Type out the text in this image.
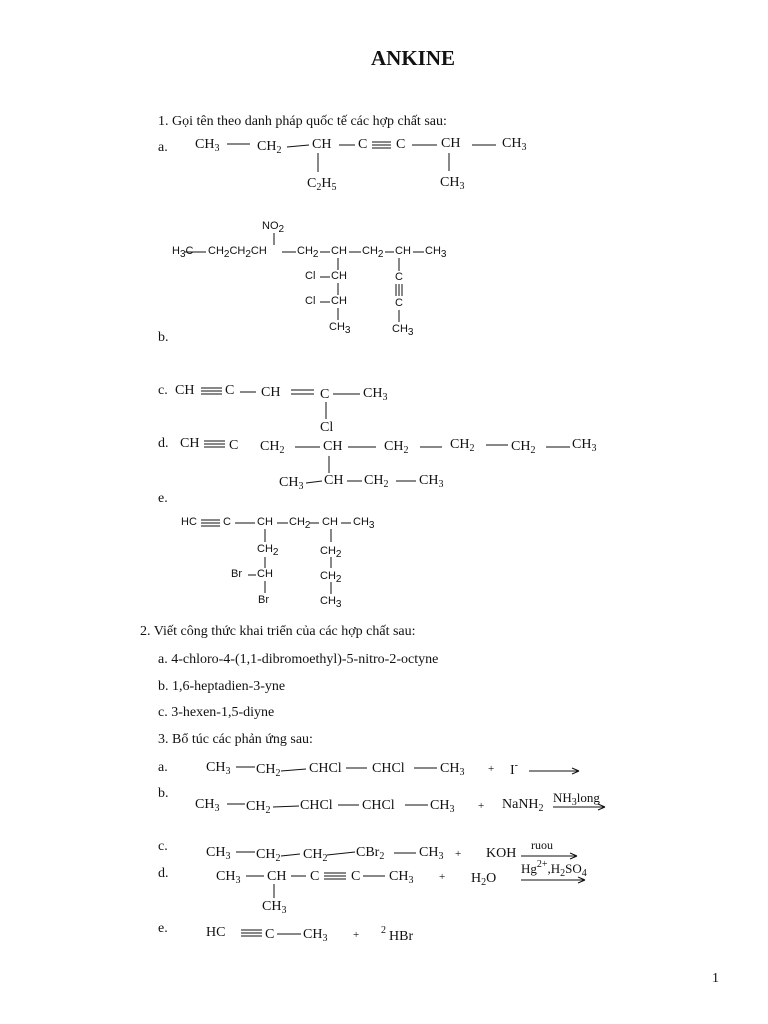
ANKINE
1. Gọi tên theo danh pháp quốc tế các hợp chất sau:
a. $CH_3$	$CH_2$ CH C C	CH	$CH_3$
$C_2H_5$	$CH_3$
NO2
H3C CH2CH2CH	CH2 CH CH2 CH CH3
Cl CH
Cl CH
CH3
C
C
CH3
b.
c. CH C CH	C $CH_3$
Cl
d. CH C $CH_2$	CH	$CH_2$	$CH_2$	$CH_2$	$CH_3$
$CH_3$ CH $CH_2$ $CH_3$
e.
HC C CH CH2 CH CH3
CH2
Br CH
Br
CH2
CH2
CH3
2. Viết công thức khai triển của các hợp chất sau:
a. 4-chloro-4-(1,1-dibromoethyl)-5-nitro-2-octyne
b. 1,6-heptadien-3-yne
c. 3-hexen-1,5-diyne
3. Bổ túc các phản ứng sau:
a.	$CH_3$ $CH_2$ CHCl CHCl	$CH_3 + I^-$
b.
$CH_3$ $CH_2$ CHCl CHCl	$CH_3$ + NaNH$_2$
$NH_3long$
c.	$CH_3$ $CH_2$ $CH_2$ CBr$_2$ $CH_3$ + KOH
ruou
d.	$CH_3$ CH C C $CH_3 + H_2O$
$Hg^{2+},H_2SO_4$
$CH_3$
e.	HC	C $CH_3 + 2$ HBr
1
